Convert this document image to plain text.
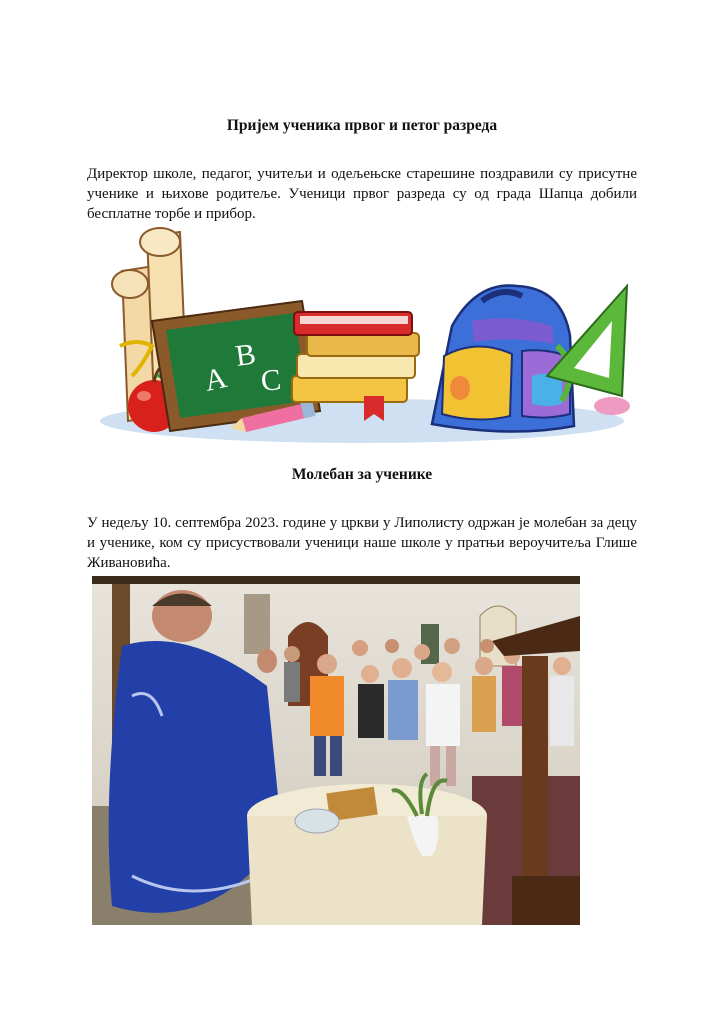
Пријем ученика првог и петог разреда

Директор школе, педагог, учитељи и одељењске старешине поздравили су присутне ученике и њихове родитеље. Ученици првог разреда су од града Шапца добили бесплатне торбе и прибор.

A
B
C
Молебан за ученике

У недељу 10. септембра 2023. године у цркви у Липолисту одржан је молебан за децу и ученике, ком су присуствовали ученици наше школе у пратњи вероучитеља Глише Живановића.
